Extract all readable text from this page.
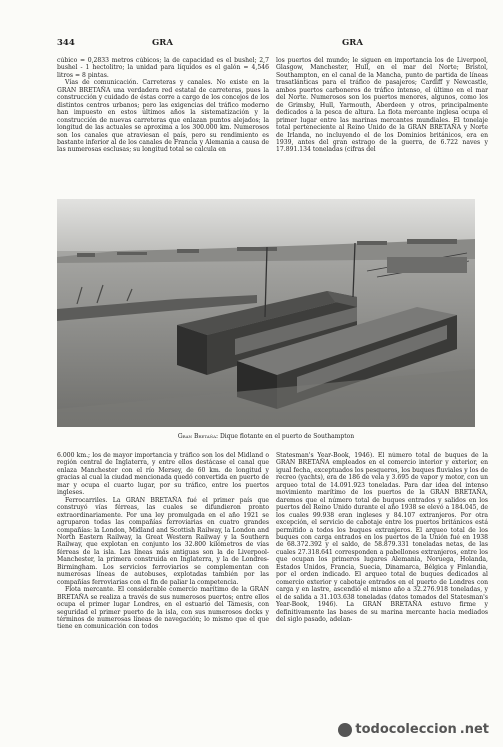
344	GRA	GRA

cúbico = 0,2833 metros cúbicos; la de capacidad es el bushel; 2,7 bushel - 1 hectolitro; la unidad para líquidos es el galón = 4,546 litros = 8 pintas.

Vías de comunicación. Carreteras y canales. No existe en la GRAN BRETAÑA una verdadera red estatal de carreteras, pues la construcción y cuidado de éstas corre a cargo de los concejos de los distintos centros urbanos; pero las exigencias del tráfico moderno han impuesto en estos últimos años la sistematización y la construcción de nuevas carreteras que enlazan puntos alejados; la longitud de las actuales se aproxima a los 300.000 km. Numerosos son los canales que atraviesan el país, pero su rendimiento es bastante inferior al de los canales de Francia y Alemania a causa de las numerosas esclusas; su longitud total se calcula en

los puertos del mundo; le siguen en importancia los de Liverpool, Glasgow, Manchester, Hull, en el mar del Norte; Bristol, Southampton, en el canal de la Mancha, punto de partida de líneas trasatlánticas para el tráfico de pasajeros; Cardiff y Newcastle, ambos puertos carboneros de tráfico intenso, el último en el mar del Norte. Numerosos son los puertos menores, algunos, como los de Grimsby, Hull, Yarmouth, Aberdeen y otros, principalmente dedicados a la pesca de altura. La flota mercante inglesa ocupa el primer lugar entre las marinas mercantes mundiales. El tonelaje total perteneciente al Reino Unido de la GRAN BRETAÑA y Norte de Irlanda, no incluyendo el de los Dominios británicos, era en 1939, antes del gran estrago de la guerra, de 6.722 naves y 17.891.134 toneladas (cifras del

Gran Bretaña: Dique flotante en el puerto de Southampton

6.000 km.; los de mayor importancia y tráfico son los del Midland o región central de Inglaterra, y entre ellos destácase el canal que enlaza Manchester con el río Mersey, de 60 km. de longitud y gracias al cual la ciudad mencionada quedó convertida en puerto de mar y ocupa el cuarto lugar, por su tráfico, entre los puertos ingleses.

Ferrocarriles. La GRAN BRETAÑA fué el primer país que construyó vías férreas, las cuales se difundieron pronto extraordinariamente. Por una ley promulgada en el año 1921 se agruparon todas las compañías ferroviarias en cuatro grandes compañías: la London, Midland and Scottish Railway, la London and North Eastern Railway, la Great Western Railway y la Southern Railway, que explotan en conjunto los 32.800 kilómetros de vías férreas de la isla. Las líneas más antiguas son la de Liverpool-Manchester, la primera construida en Inglaterra, y la de Londres-Birmingham. Los servicios ferroviarios se complementan con numerosas líneas de autobuses, explotadas también por las compañías ferroviarias con el fin de paliar la competencia.

Flota mercante. El considerable comercio marítimo de la GRAN BRETAÑA se realiza a través de sus numerosos puertos; entre ellos ocupa el primer lugar Londres, en el estuario del Támesis, con seguridad el primer puerto de la isla, con sus numerosos docks y términos de numerosas líneas de navegación; lo mismo que el que tiene en comunicación con todos

Statesman's Year-Book, 1946). El número total de buques de la GRAN BRETAÑA empleados en el comercio interior y exterior, en igual fecha, exceptuados los pesqueros, los buques fluviales y los de recreo (yachts), era de 186 de vela y 3.695 de vapor y motor, con un arqueo total de 14.091.923 toneladas. Para dar idea del intenso movimiento marítimo de los puertos de la GRAN BRETAÑA, daremos que el número total de buques entrados y salidos en los puertos del Reino Unido durante el año 1938 se elevó a 184.045, de los cuales 99.938 eran ingleses y 84.107 extranjeros. Por otra excepción, el servicio de cabotaje entre los puertos británicos está permitido a todos los buques extranjeros. El arqueo total de los buques con carga entrados en los puertos de la Unión fué en 1938 de 68.372.392 y el saldo, de 58.879.331 toneladas netas, de las cuales 27.318.641 corresponden a pabellones extranjeros, entre los que ocupan los primeros lugares Alemania, Noruega, Holanda, Estados Unidos, Francia, Suecia, Dinamarca, Bélgica y Finlandia, por el orden indicado. El arqueo total de buques dedicados al comercio exterior y cabotaje entrados en el puerto de Londres con carga y en lastre, ascendió el mismo año a 32.276.918 toneladas, y el de salida a 31.103.638 toneladas (datos tomados del Statesman's Year-Book, 1946). La GRAN BRETAÑA estuvo firme y definitivamente las bases de su marina mercante hacia mediados del siglo pasado, adelan-

todocoleccion .net
